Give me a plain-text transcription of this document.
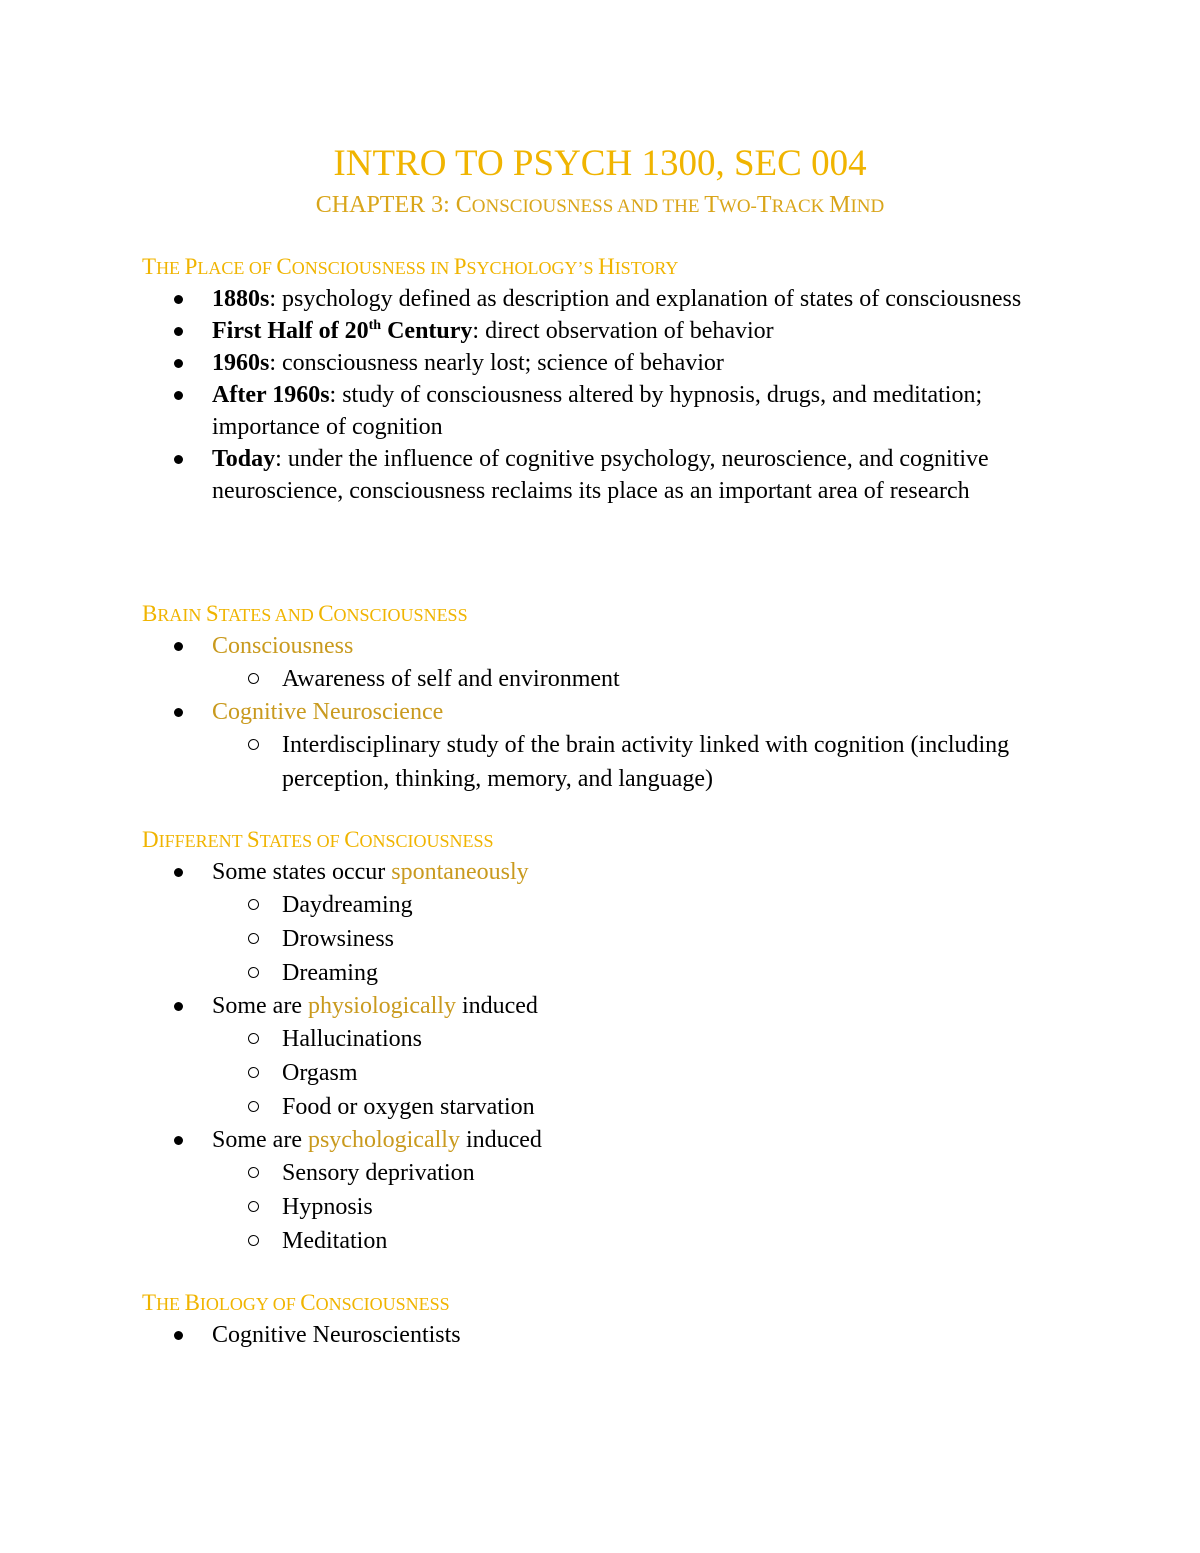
INTRO TO PSYCH 1300, SEC 004
CHAPTER 3: CONSCIOUSNESS AND THE TWO-TRACK MIND
THE PLACE OF CONSCIOUSNESS IN PSYCHOLOGY’S HISTORY
1880s: psychology defined as description and explanation of states of consciousness
First Half of 20th Century: direct observation of behavior
1960s: consciousness nearly lost; science of behavior
After 1960s: study of consciousness altered by hypnosis, drugs, and meditation; importance of cognition
Today: under the influence of cognitive psychology, neuroscience, and cognitive neuroscience, consciousness reclaims its place as an important area of research
BRAIN STATES AND CONSCIOUSNESS
Consciousness
Awareness of self and environment
Cognitive Neuroscience
Interdisciplinary study of the brain activity linked with cognition (including perception, thinking, memory, and language)
DIFFERENT STATES OF CONSCIOUSNESS
Some states occur spontaneously
Daydreaming
Drowsiness
Dreaming
Some are physiologically induced
Hallucinations
Orgasm
Food or oxygen starvation
Some are psychologically induced
Sensory deprivation
Hypnosis
Meditation
THE BIOLOGY OF CONSCIOUSNESS
Cognitive Neuroscientists
